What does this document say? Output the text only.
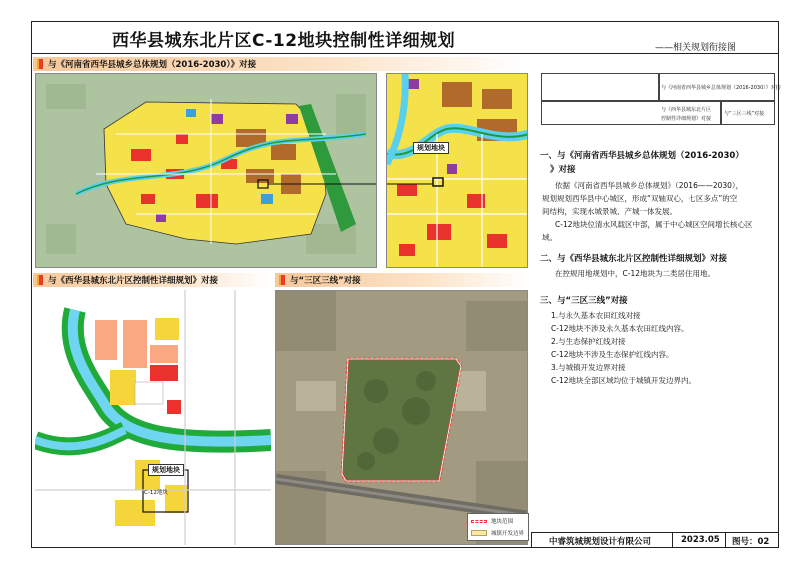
西华县城东北片区C-12地块控制性详细规划	——相关规划衔接图
与《河南省西华县城乡总体规划（2016-2030）》对接
规划地块
与《河南省西华县城乡总体规划（2016-2030）》对接
与《西华县城东北片区
控制性详细规划》对接
与“三区三线”对接
与《西华县城东北片区控制性详细规划》对接	与“三区三线”对接
规划地块
C-12地块
地块范围
城镇开发边界
一、与《河南省西华县城乡总体规划（2016-2030）
》对接
依据《河南省西华县城乡总体规划》（2016——2030），
规划规划西华县中心城区，形成“双轴双心，七区多点”的空
间结构，实现水城景城、产城一体发展。
C-12地块位清水风载区中部，属于中心城区空间增长核心区
域。
二、与《西华县城东北片区控制性详细规划》对接
在控规用地规划中，C-12地块为二类居住用地。
三、与“三区三线”对接
1.与永久基本农田红线对接
C-12地块不涉及永久基本农田红线内容。
2.与生态保护红线对接
C-12地块不涉及生态保护红线内容。
3.与城镇开发边界对接
C-12地块全部区域均位于城镇开发边界内。
中睿筑城规划设计有限公司	2023.05 图号：02
